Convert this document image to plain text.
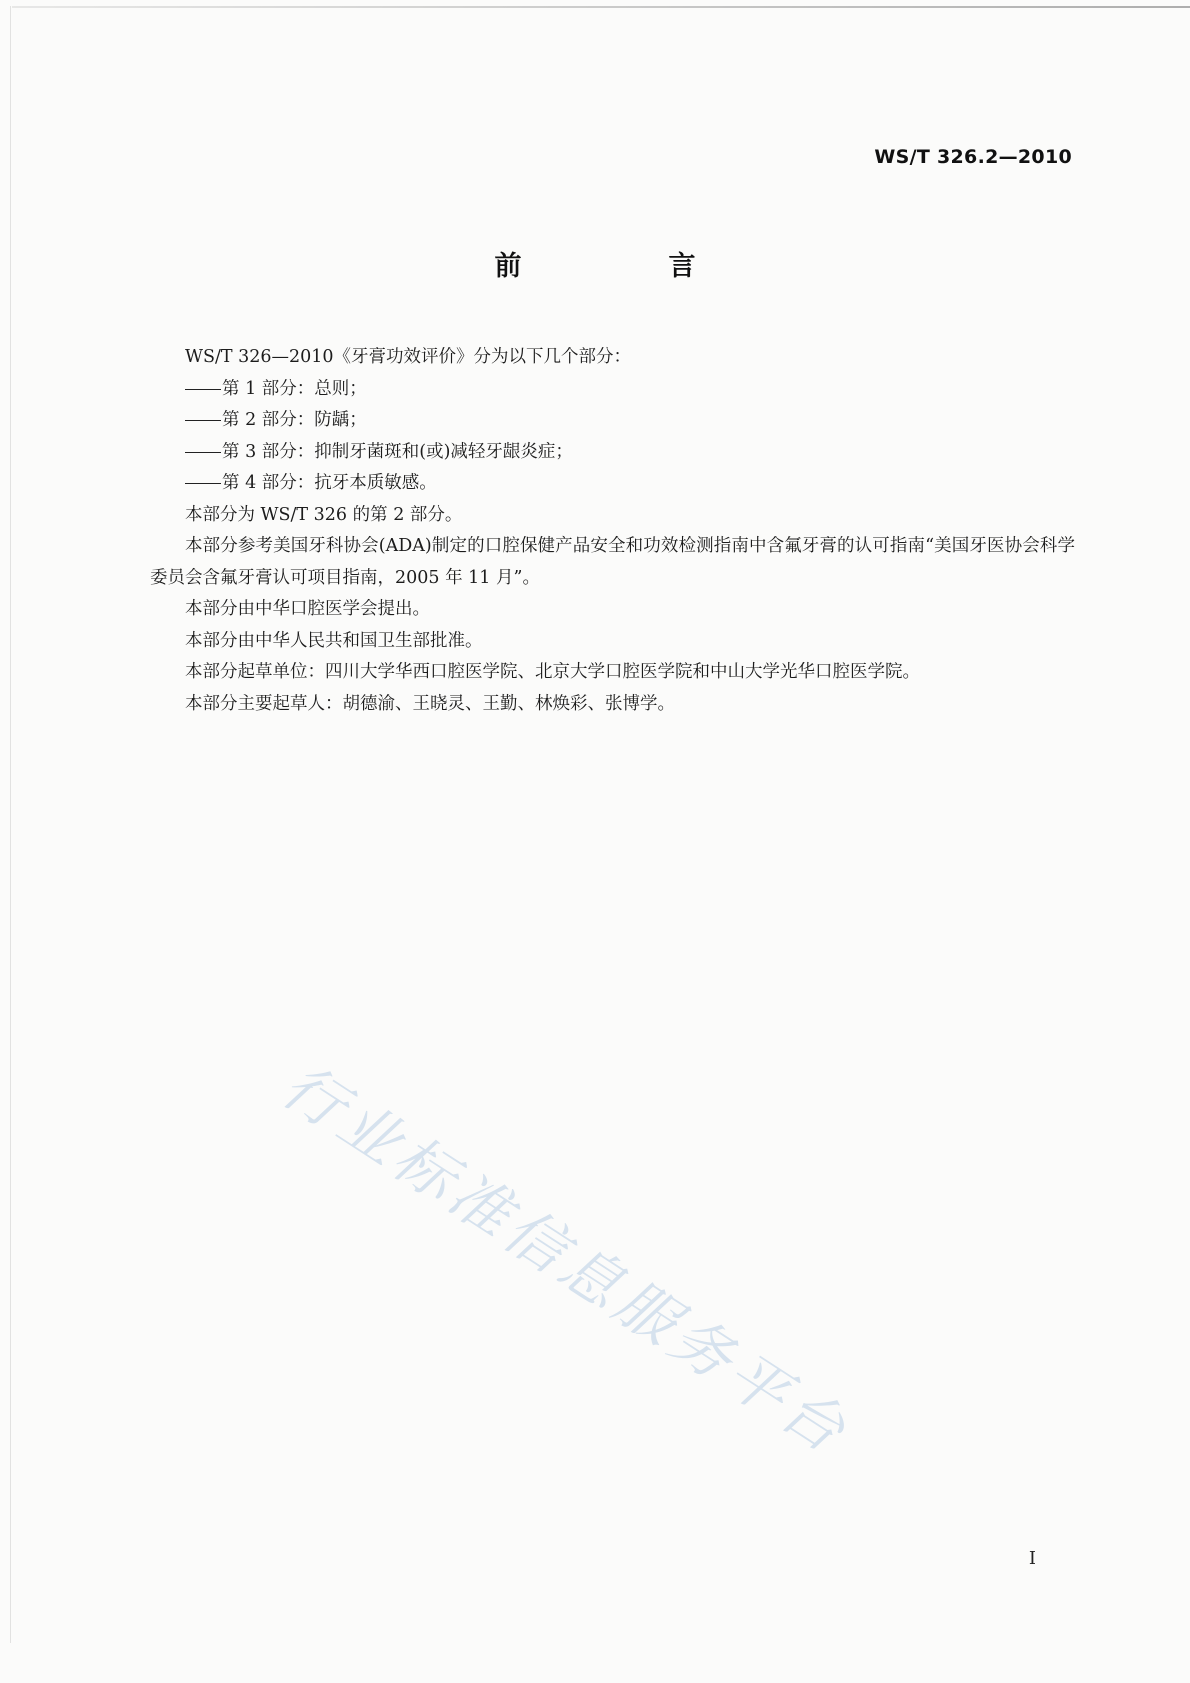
WS/T 326.2—2010
前　言

WS/T 326—2010《牙膏功效评价》分为以下几个部分：

第 1 部分：总则；

第 2 部分：防龋；

第 3 部分：抑制牙菌斑和(或)减轻牙龈炎症；

第 4 部分：抗牙本质敏感。

本部分为 WS/T 326 的第 2 部分。

本部分参考美国牙科协会(ADA)制定的口腔保健产品安全和功效检测指南中含氟牙膏的认可指南“美国牙医协会科学委员会含氟牙膏认可项目指南，2005 年 11 月”。

本部分由中华口腔医学会提出。

本部分由中华人民共和国卫生部批准。

本部分起草单位：四川大学华西口腔医学院、北京大学口腔医学院和中山大学光华口腔医学院。

本部分主要起草人：胡德渝、王晓灵、王勤、林焕彩、张博学。

行业标准信息服务平台
I
